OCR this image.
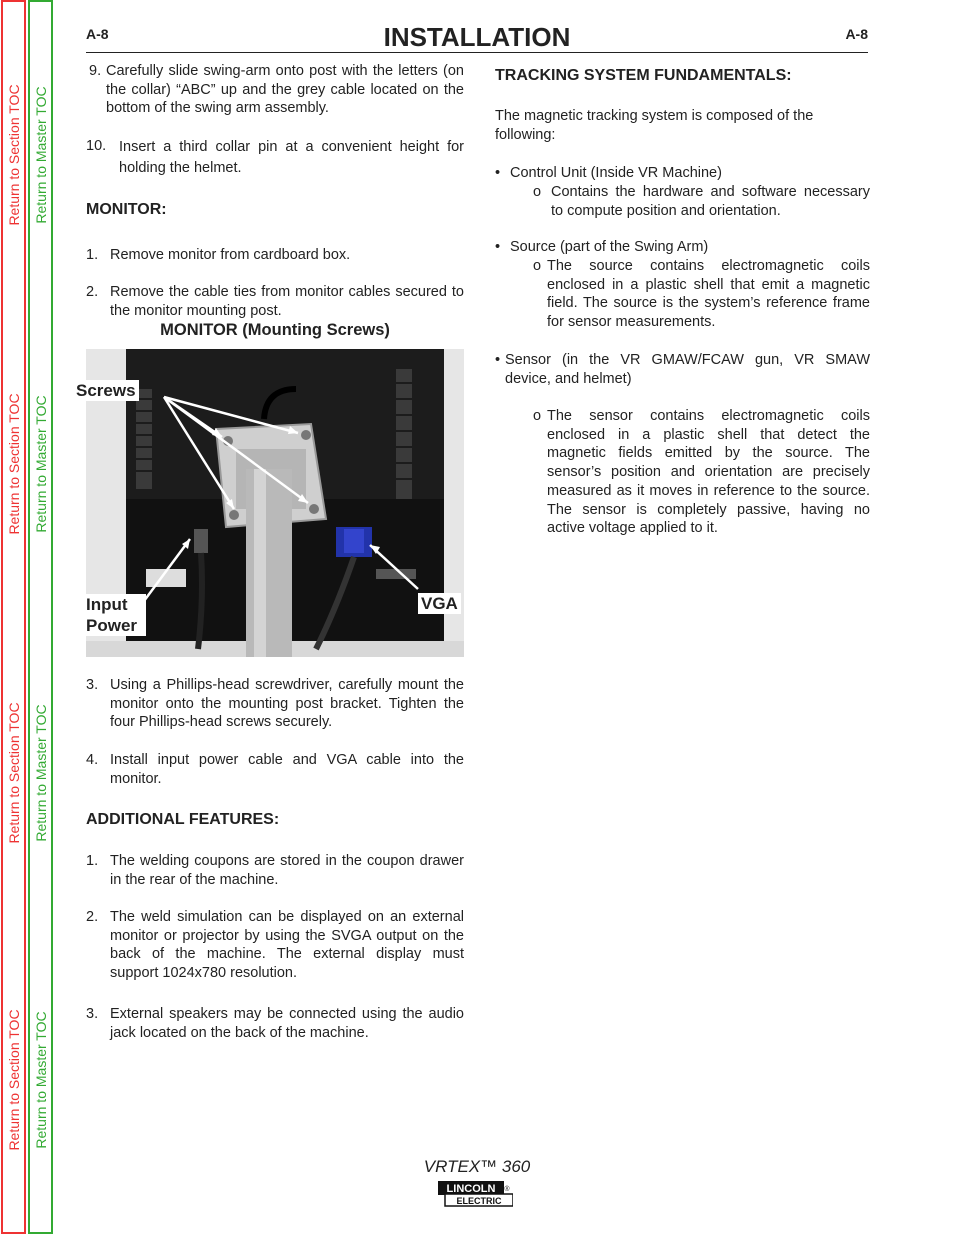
Return to Section TOC
Return to Section TOC
Return to Section TOC
Return to Section TOC
Return to Master TOC
Return to Master TOC
Return to Master TOC
Return to Master TOC
A-8	INSTALLATION	A-8
9. Carefully slide swing-arm onto post with the letters (on the collar) “ABC” up and the grey cable located on the bottom of the swing arm assembly.

10. Insert a third collar pin at a convenient height for holding the helmet.

MONITOR:
1. Remove monitor from cardboard box.

2. Remove the cable ties from monitor cables secured to the monitor mounting post.

3. Using a Phillips-head screwdriver, carefully mount the monitor onto the mounting post bracket. Tighten the four Phillips-head screws securely.

4. Install input power cable and VGA cable into the monitor.

ADDITIONAL FEATURES:
1. The welding coupons are stored in the coupon drawer in the rear of the machine.

2. The weld simulation can be displayed on an external monitor or projector by using the SVGA output on the back of the machine. The external display must support 1024x780 resolution.

3. External speakers may be connected using the audio jack located on the back of the machine.

MONITOR (Mounting Screws)
Screws
Input
Power
VGA
TRACKING SYSTEM FUNDAMENTALS:

The magnetic tracking system is composed of the following:

• Control Unit (Inside VR Machine)

o Contains the hardware and software necessary to compute position and orientation.

• Source (part of the Swing Arm)

o The source contains electromagnetic coils enclosed in a plastic shell that emit a magnetic field. The source is the system’s reference frame for sensor measurements.

• Sensor (in the VR GMAW/FCAW gun, VR SMAW device, and helmet)

o The sensor contains electromagnetic coils enclosed in a plastic shell that detect the magnetic fields emitted by the source. The sensor’s position and orientation are precisely measured as it moves in reference to the source. The sensor is completely passive, having no active voltage applied to it.

VRTEX™ 360
LINCOLN
ELECTRIC
®
